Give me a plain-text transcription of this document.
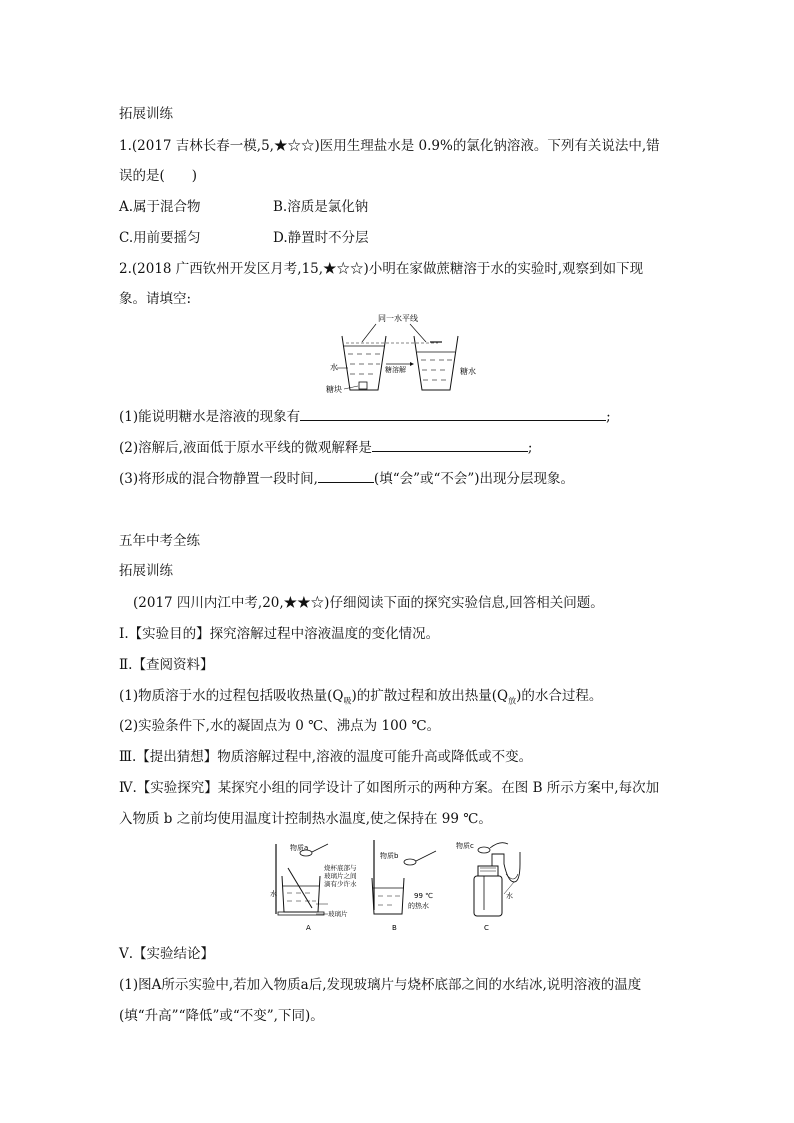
拓展训练
1.(2017 吉林长春一模,5,★☆☆)医用生理盐水是 0.9%的氯化钠溶液。下列有关说法中,错
误的是(　　)
A.属于混合物	B.溶质是氯化钠
C.用前要摇匀	D.静置时不分层
2.(2018 广西钦州开发区月考,15,★☆☆)小明在家做蔗糖溶于水的实验时,观察到如下现
象。请填空:
同一水平线
水
糖块
糖溶解	糖水
(1)能说明糖水是溶液的现象有	;
(2)溶解后,液面低于原水平线的微观解释是	;
(3)将形成的混合物静置一段时间,	(填“会”或“不会”)出现分层现象。
五年中考全练
拓展训练
(2017 四川内江中考,20,★★☆)仔细阅读下面的探究实验信息,回答相关问题。
Ⅰ.【实验目的】探究溶解过程中溶液温度的变化情况。
Ⅱ.【查阅资料】
(1)物质溶于水的过程包括吸收热量$(Q_吸)$的扩散过程和放出热量$(Q_放)$的水合过程。
(2)实验条件下,水的凝固点为 0 ℃、沸点为 100 ℃。
Ⅲ.【提出猜想】物质溶解过程中,溶液的温度可能升高或降低或不变。
Ⅳ.【实验探究】某探究小组的同学设计了如图所示的两种方案。在图 B 所示方案中,每次加
入物质 b 之前均使用温度计控制热水温度,使之保持在 99 ℃。
物质a
水
烧杯底部与
玻璃片之间
滴有少许水
玻璃片
A
物质b
99 ℃
的热水
B
物质c
水
C
Ⅴ.【实验结论】
(1)图A所示实验中,若加入物质a后,发现玻璃片与烧杯底部之间的水结冰,说明溶液的温度
(填“升高”“降低”或“不变”,下同)。
